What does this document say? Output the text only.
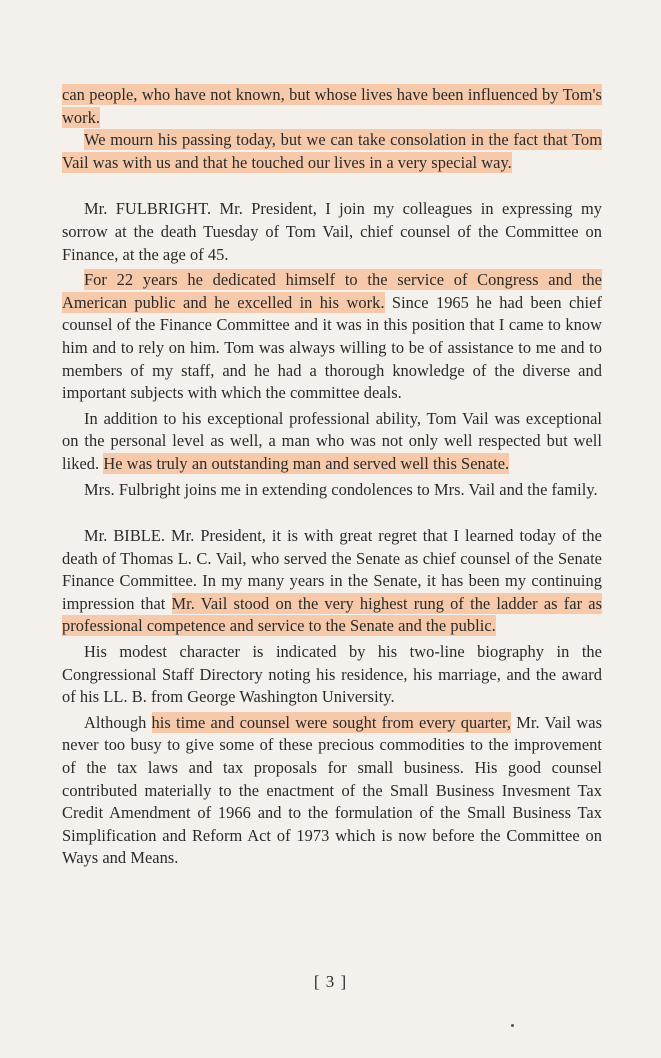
can people, who have not known, but whose lives have been influenced by Tom's work.

We mourn his passing today, but we can take consolation in the fact that Tom Vail was with us and that he touched our lives in a very special way.

Mr. FULBRIGHT. Mr. President, I join my colleagues in expressing my sorrow at the death Tuesday of Tom Vail, chief counsel of the Committee on Finance, at the age of 45.

For 22 years he dedicated himself to the service of Congress and the American public and he excelled in his work. Since 1965 he had been chief counsel of the Finance Committee and it was in this position that I came to know him and to rely on him. Tom was always willing to be of assistance to me and to members of my staff, and he had a thorough knowledge of the diverse and important subjects with which the committee deals.

In addition to his exceptional professional ability, Tom Vail was exceptional on the personal level as well, a man who was not only well respected but well liked. He was truly an outstanding man and served well this Senate.

Mrs. Fulbright joins me in extending condolences to Mrs. Vail and the family.

Mr. BIBLE. Mr. President, it is with great regret that I learned today of the death of Thomas L. C. Vail, who served the Senate as chief counsel of the Senate Finance Committee. In my many years in the Senate, it has been my continuing impression that Mr. Vail stood on the very highest rung of the ladder as far as professional competence and service to the Senate and the public.

His modest character is indicated by his two-line biography in the Congressional Staff Directory noting his residence, his marriage, and the award of his LL. B. from George Washington University.

Although his time and counsel were sought from every quarter, Mr. Vail was never too busy to give some of these precious commodities to the improvement of the tax laws and tax proposals for small business. His good counsel contributed materially to the enactment of the Small Business Invesment Tax Credit Amendment of 1966 and to the formulation of the Small Business Tax Simplification and Reform Act of 1973 which is now before the Committee on Ways and Means.

[ 3 ]
